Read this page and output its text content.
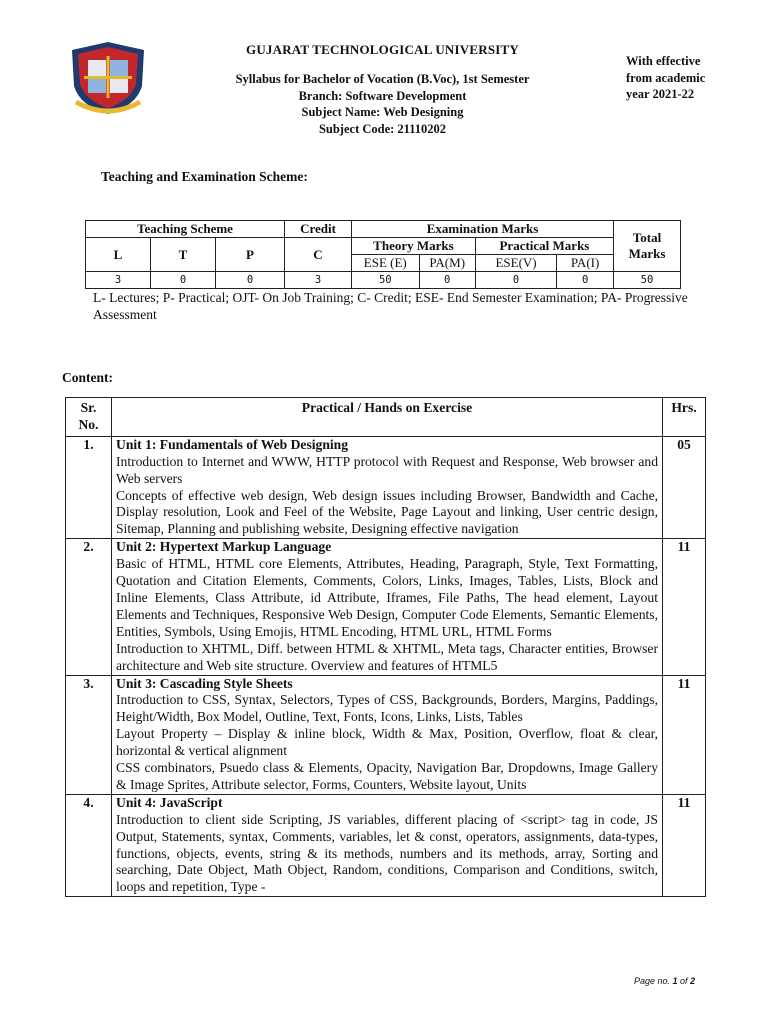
GUJARAT TECHNOLOGICAL UNIVERSITY
Syllabus for Bachelor of Vocation (B.Voc), 1st Semester
Branch: Software Development
Subject Name: Web Designing
Subject Code: 21110202
With effective
from academic
year 2021-22
Teaching and Examination Scheme:
Teaching Scheme			Credit	Examination Marks				Total Marks
L	T	P	C	Theory Marks		Practical Marks		
				ESE (E)	PA(M)	ESE(V)	PA(I)	
3	0	0	3	50	0	0	0	50
L- Lectures; P- Practical; OJT- On Job Training; C- Credit; ESE- End Semester Examination; PA- Progressive Assessment
Content:
Sr. No.	Practical / Hands on Exercise	Hrs.
1.	Unit 1: Fundamentals of Web Designing
Introduction to Internet and WWW, HTTP protocol with Request and Response, Web browser and Web servers
Concepts of effective web design, Web design issues including Browser, Bandwidth and Cache, Display resolution, Look and Feel of the Website, Page Layout and linking, User centric design, Sitemap, Planning and publishing website, Designing effective navigation	05
2.	Unit 2: Hypertext Markup Language
Basic of HTML, HTML core Elements, Attributes, Heading, Paragraph, Style, Text Formatting, Quotation and Citation Elements, Comments, Colors, Links, Images, Tables, Lists, Block and Inline Elements, Class Attribute, id Attribute, Iframes, File Paths, The head element, Layout Elements and Techniques, Responsive Web Design, Computer Code Elements, Semantic Elements, Entities, Symbols, Using Emojis, HTML Encoding, HTML URL, HTML Forms
Introduction to XHTML, Diff. between HTML & XHTML, Meta tags, Character entities, Browser architecture and Web site structure. Overview and features of HTML5	11
3.	Unit 3: Cascading Style Sheets
Introduction to CSS, Syntax, Selectors, Types of CSS, Backgrounds, Borders, Margins, Paddings, Height/Width, Box Model, Outline, Text, Fonts, Icons, Links, Lists, Tables
Layout Property – Display & inline block, Width & Max, Position, Overflow, float & clear, horizontal & vertical alignment
CSS combinators, Psuedo class & Elements, Opacity, Navigation Bar, Dropdowns, Image Gallery & Image Sprites, Attribute selector, Forms, Counters, Website layout, Units	11
4.	Unit 4: JavaScript
Introduction to client side Scripting, JS variables, different placing of <script> tag in code, JS Output, Statements, syntax, Comments, variables, let & const, operators, assignments, data-types, functions, objects, events, string & its methods, numbers and its methods, array, Sorting and searching, Date Object, Math Object, Random, conditions, Comparison and Conditions, switch, loops and repetition, Type -	11
Page no. 1 of 2
